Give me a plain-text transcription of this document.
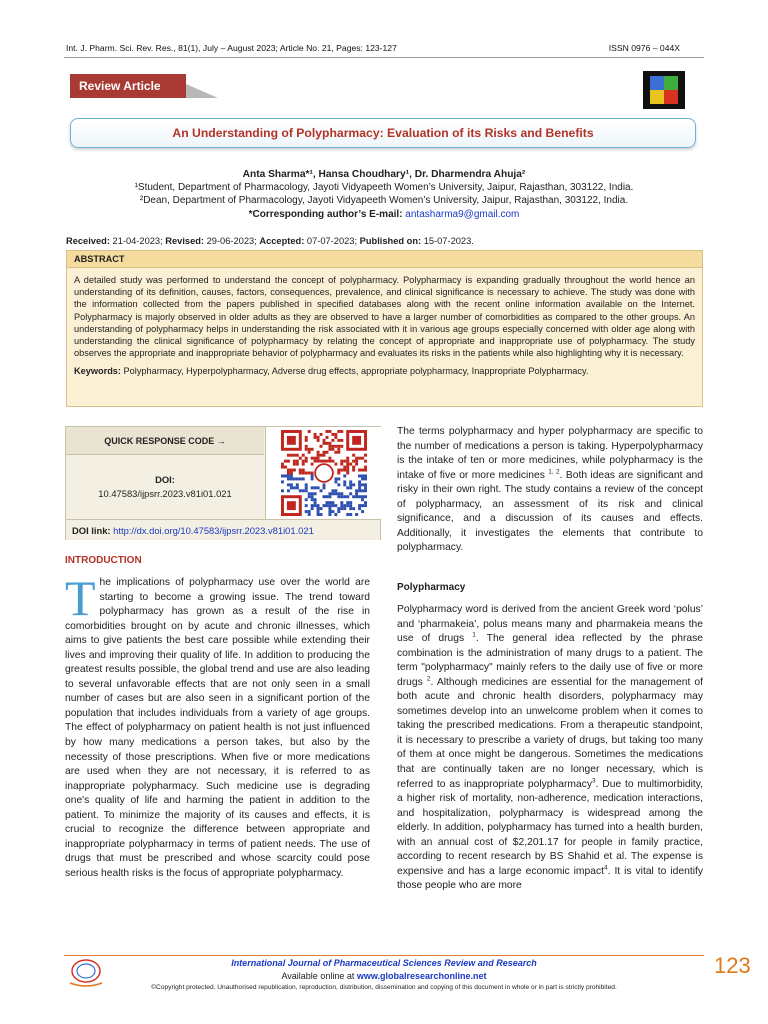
Int. J. Pharm. Sci. Rev. Res., 81(1), July – August 2023; Article No. 21, Pages: 123-127	ISSN 0976 – 044X
Review Article
An Understanding of Polypharmacy: Evaluation of its Risks and Benefits
Anta Sharma*¹, Hansa Choudhary¹, Dr. Dharmendra Ahuja²
¹Student, Department of Pharmacology, Jayoti Vidyapeeth Women’s University, Jaipur, Rajasthan, 303122, India.
²Dean, Department of Pharmacology, Jayoti Vidyapeeth Women’s University, Jaipur, Rajasthan, 303122, India.
*Corresponding author’s E-mail: antasharma9@gmail.com
Received: 21-04-2023; Revised: 29-06-2023; Accepted: 07-07-2023; Published on: 15-07-2023.
ABSTRACT
A detailed study was performed to understand the concept of polypharmacy. Polypharmacy is expanding gradually throughout the world hence an understanding of its definition, causes, factors, consequences, prevalence, and clinical significance is necessary to achieve. The study was done with the information collected from the papers published in specified databases along with the recent online information available on the Internet. Polypharmacy is majorly observed in older adults as they are observed to have a larger number of comorbidities as compared to the other groups. An understanding of polypharmacy helps in understanding the risk associated with it in various age groups especially concerned with older age along with understanding the clinical significance of polypharmacy by relating the concept of appropriate and inappropriate use of polypharmacy. The study observes the appropriate and inappropriate behavior of polypharmacy and evaluates its risks in the patients while also highlighting why it is necessary.
Keywords: Polypharmacy, Hyperpolypharmacy, Adverse drug effects, appropriate polypharmacy, Inappropriate Polypharmacy.
QUICK RESPONSE CODE →
DOI:
10.47583/ijpsrr.2023.v81i01.021
DOI link: http://dx.doi.org/10.47583/ijpsrr.2023.v81i01.021
INTRODUCTION
The implications of polypharmacy use over the world are starting to become a growing issue. The trend toward polypharmacy has grown as a result of the rise in comorbidities brought on by acute and chronic illnesses, which aims to give patients the best care possible while extending their lives and improving their quality of life. In addition to producing the greatest results possible, the global trend and use are also leading to several unfavorable effects that are not only seen in a small number of cases but are also seen in a significant portion of the population that includes individuals from a variety of age groups. The effect of polypharmacy on patient health is not just influenced by how many medications a person takes, but also by the necessity of those prescriptions. When five or more medications are used when they are not necessary, it is referred to as inappropriate polypharmacy. Such medicine use is degrading one's quality of life and harming the patient in addition to the patient. To minimize the majority of its causes and effects, it is crucial to recognize the difference between appropriate and inappropriate polypharmacy in terms of patient needs. The use of drugs that must be prescribed and whose scarcity could pose serious health risks is the focus of appropriate polypharmacy.
The terms polypharmacy and hyper polypharmacy are specific to the number of medications a person is taking. Hyperpolypharmacy is the intake of ten or more medicines, while polypharmacy is the intake of five or more medicines $^{1, 2}$. Both ideas are significant and risky in their own right. The study contains a review of the concept of polypharmacy, an assessment of its risk and clinical significance, and a discussion of its causes and effects. Additionally, it investigates the elements that contribute to polypharmacy.
Polypharmacy
Polypharmacy word is derived from the ancient Greek word ‘polus’ and ‘pharmakeia’, polus means many and pharmakeia means the use of drugs $^1$. The general idea reflected by the phrase combination is the administration of many drugs to a patient. The term "polypharmacy" mainly refers to the daily use of five or more drugs $^2$. Although medicines are essential for the management of both acute and chronic health disorders, polypharmacy may sometimes develop into an unwelcome problem when it comes to taking the prescribed medications. From a therapeutic standpoint, it is necessary to prescribe a variety of drugs, but taking too many of them at once might be dangerous. Sometimes the medications that are continually taken are no longer necessary, which is referred to as inappropriate polypharmacy$^3$. Due to multimorbidity, a higher risk of mortality, non-adherence, medication interactions, and hospitalization, polypharmacy is widespread among the elderly. In addition, polypharmacy has turned into a health burden, with an annual cost of $2,201.17 for people in family practice, according to recent research by BS Shahid et al. The expense is expensive and has a large economic impact$^4$. It is vital to identify those people who are more
International Journal of Pharmaceutical Sciences Review and Research
Available online at www.globalresearchonline.net
©Copyright protected. Unauthorised republication, reproduction, distribution, dissemination and copying of this document in whole or in part is strictly prohibited.
123
